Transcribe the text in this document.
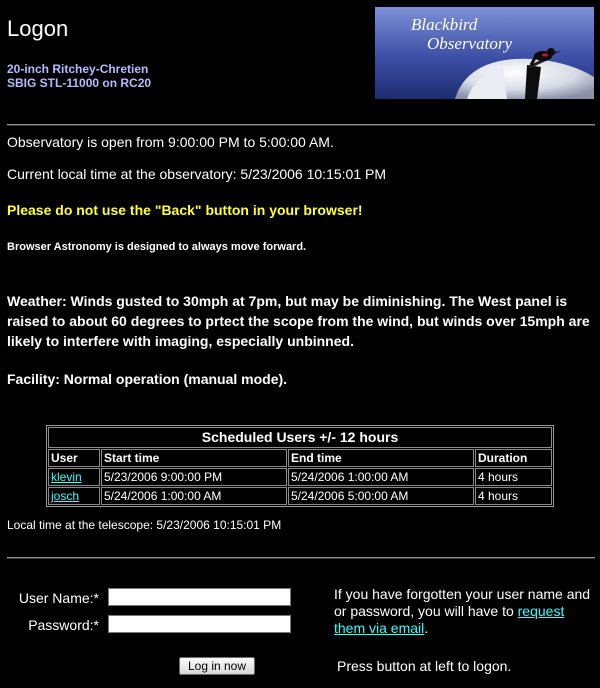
Logon
20-inch Ritchey-Chretien
SBIG STL-11000 on RC20
Blackbird
Observatory
Observatory is open from 9:00:00 PM to 5:00:00 AM.
Current local time at the observatory: 5/23/2006 10:15:01 PM
Please do not use the "Back" button in your browser!
Browser Astronomy is designed to always move forward.
Weather: Winds gusted to 30mph at 7pm, but may be diminishing. The West panel is raised to about 60 degrees to prtect the scope from the wind, but winds over 15mph are likely to interfere with imaging, especially unbinned.
Facility: Normal operation (manual mode).
Scheduled Users +/- 12 hours			
User	Start time	End time	Duration
klevin	5/23/2006 9:00:00 PM	5/24/2006 1:00:00 AM	4 hours
josch	5/24/2006 1:00:00 AM	5/24/2006 5:00:00 AM	4 hours
Local time at the telescope: 5/23/2006 10:15:01 PM
User Name:*
Password:*
If you have forgotten your user name and or password, you will have to request them via email.
Log in now	Press button at left to logon.
